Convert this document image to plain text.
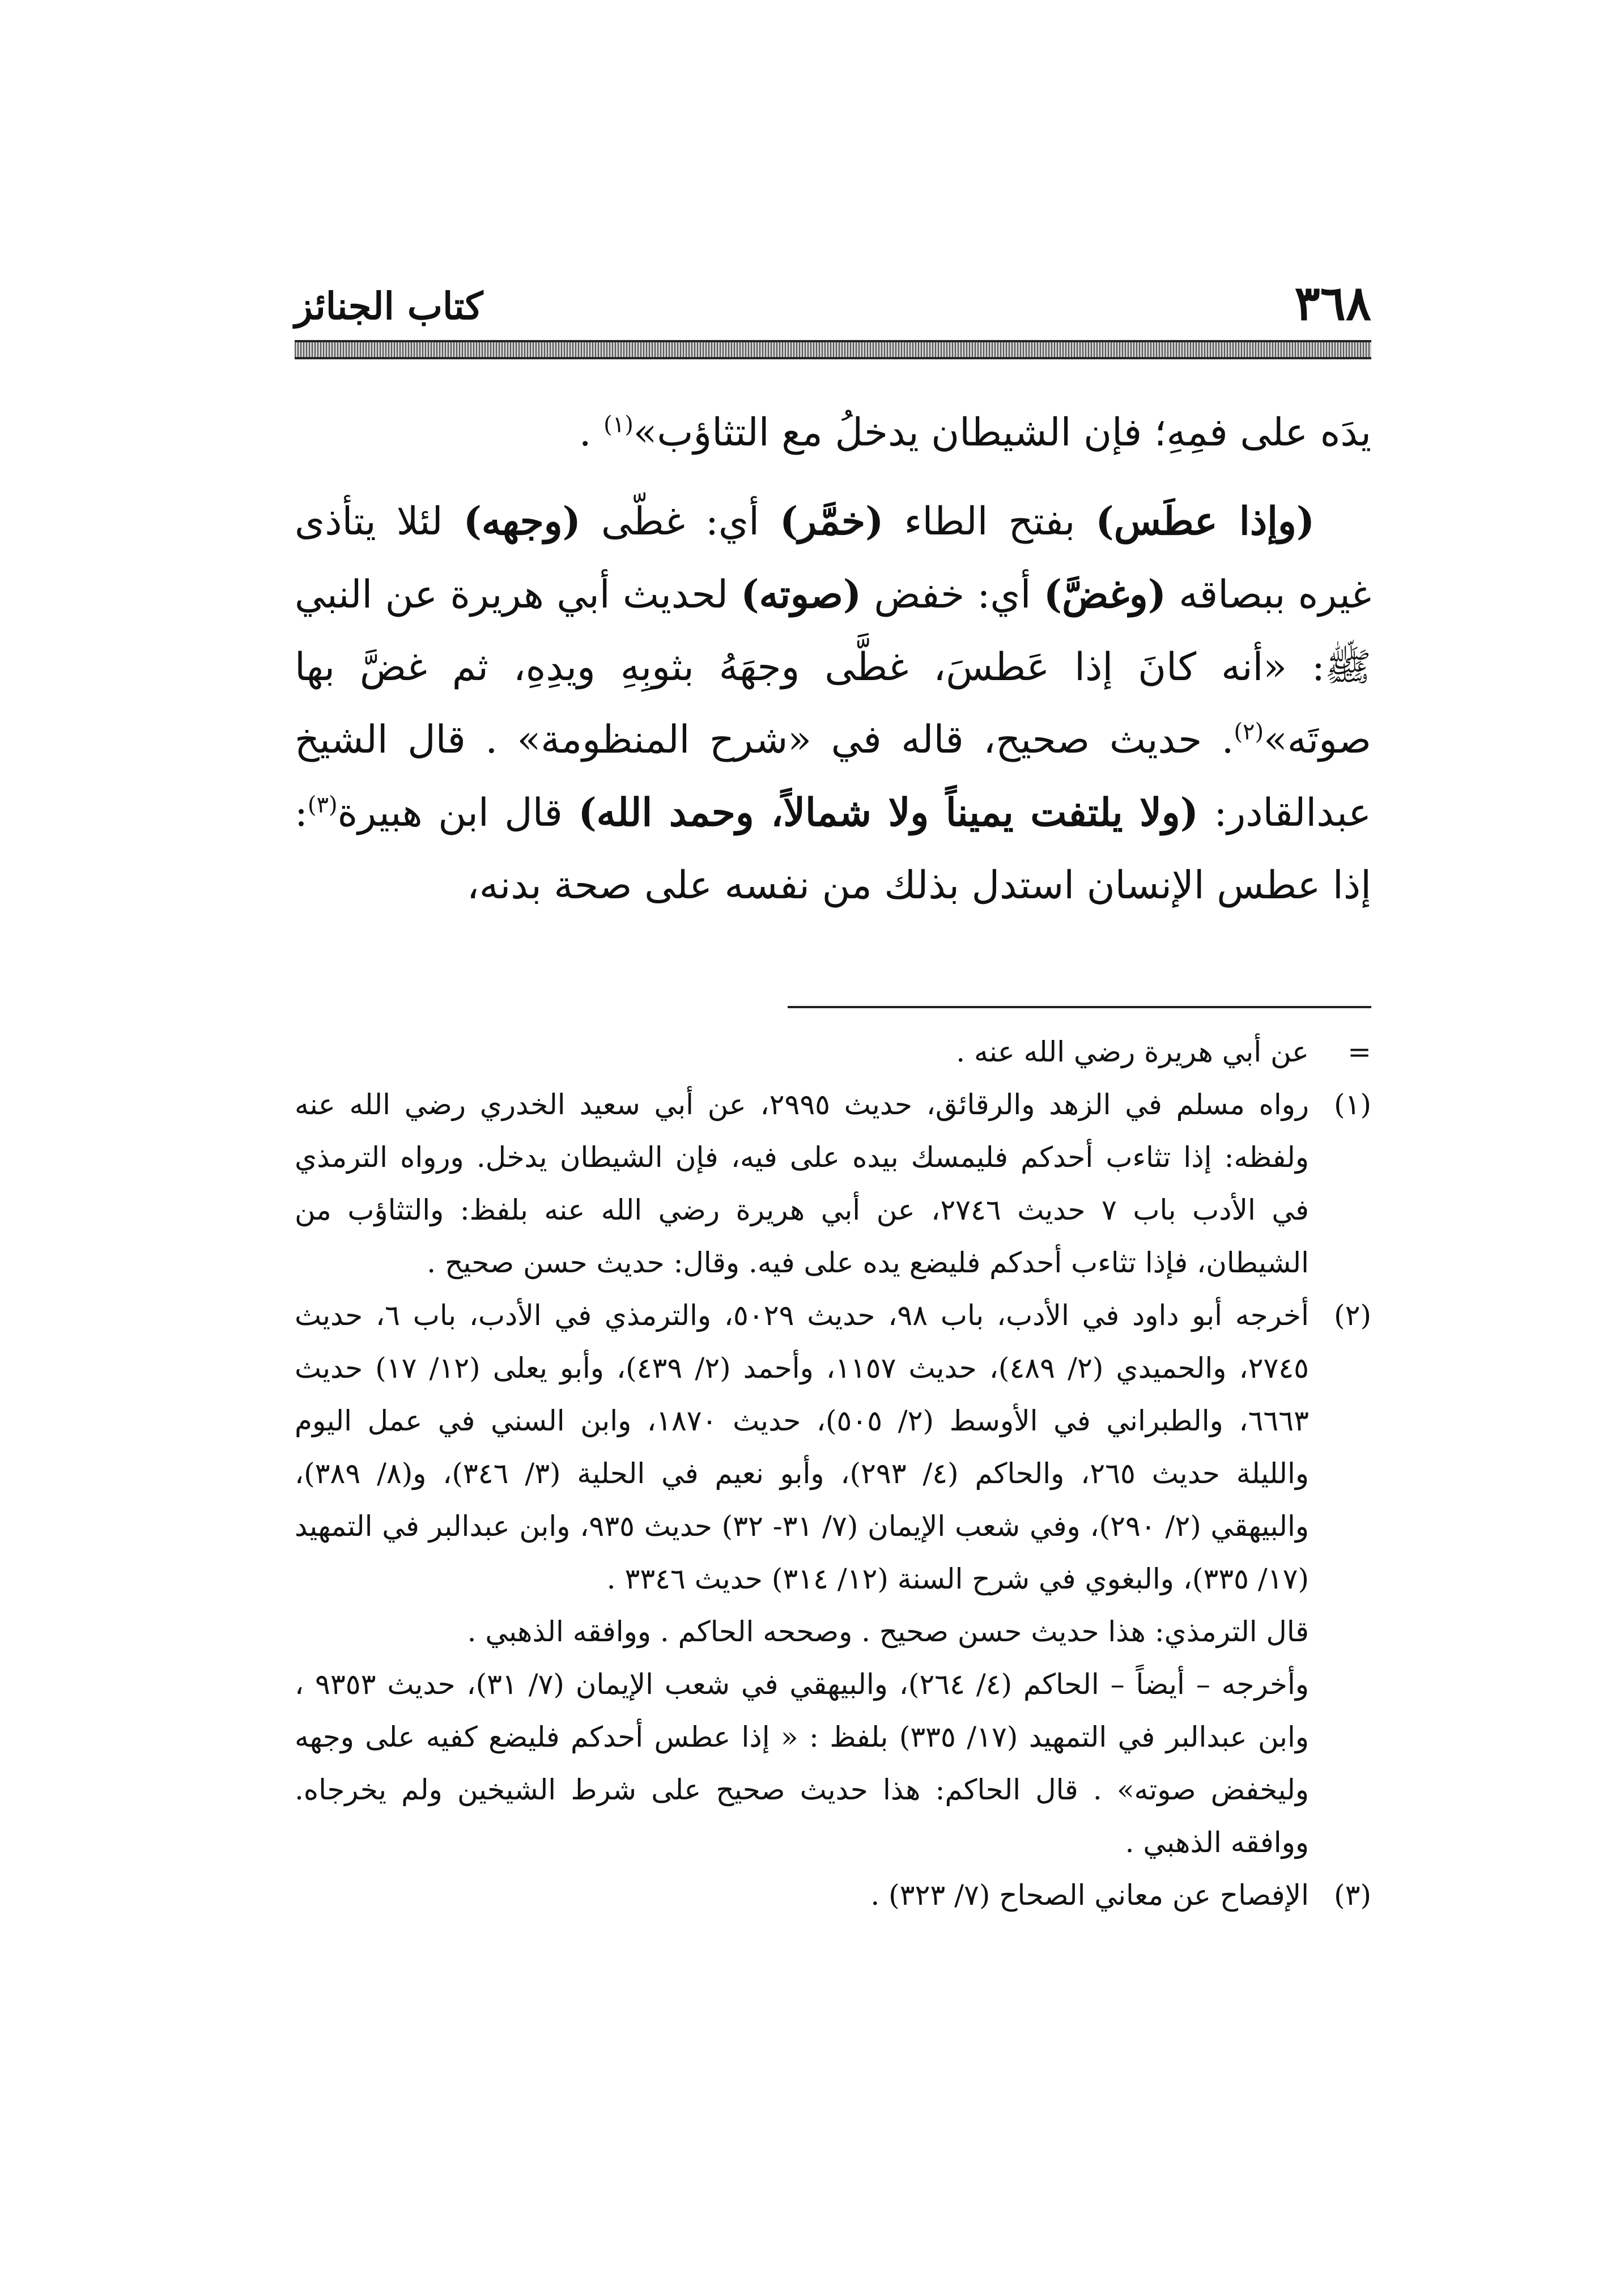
كتاب الجنائز	٣٦٨

يدَه على فمِهِ؛ فإن الشيطان يدخلُ مع التثاؤب»$^{(١)}$ .

(وإذا عطَس) بفتح الطاء (خمَّر) أي: غطّى (وجهه) لئلا يتأذى غيره ببصاقه (وغضَّ) أي: خفض (صوته) لحديث أبي هريرة عن النبي ﷺ: «أنه كانَ إذا عَطسَ، غطَّى وجهَهُ بثوبِهِ ويدِهِ، ثم غضَّ بها صوتَه»$^{(٢)}$. حديث صحيح، قاله في «شرح المنظومة» . قال الشيخ عبدالقادر: (ولا يلتفت يميناً ولا شمالاً، وحمد الله) قال ابن هبيرة$^{(٣)}$: إذا عطس الإنسان استدل بذلك من نفسه على صحة بدنه،

=
عن أبي هريرة رضي الله عنه .
(١)
رواه مسلم في الزهد والرقائق، حديث ٢٩٩٥، عن أبي سعيد الخدري رضي الله عنه ولفظه: إذا تثاءب أحدكم فليمسك بيده على فيه، فإن الشيطان يدخل. ورواه الترمذي في الأدب باب ٧ حديث ٢٧٤٦، عن أبي هريرة رضي الله عنه بلفظ: والتثاؤب من الشيطان، فإذا تثاءب أحدكم فليضع يده على فيه. وقال: حديث حسن صحيح .
(٢)

أخرجه أبو داود في الأدب، باب ٩٨، حديث ٥٠٢٩، والترمذي في الأدب، باب ٦، حديث ٢٧٤٥، والحميدي (٢/ ٤٨٩)، حديث ١١٥٧، وأحمد (٢/ ٤٣٩)، وأبو يعلى (١٢/ ١٧) حديث ٦٦٦٣، والطبراني في الأوسط (٢/ ٥٠٥)، حديث ١٨٧٠، وابن السني في عمل اليوم والليلة حديث ٢٦٥، والحاكم (٤/ ٢٩٣)، وأبو نعيم في الحلية (٣/ ٣٤٦)، و(٨/ ٣٨٩)، والبيهقي (٢/ ٢٩٠)، وفي شعب الإيمان (٧/ ٣١- ٣٢) حديث ٩٣٥، وابن عبدالبر في التمهيد (١٧/ ٣٣٥)، والبغوي في شرح السنة (١٢/ ٣١٤) حديث ٣٣٤٦ .

قال الترمذي: هذا حديث حسن صحيح . وصححه الحاكم . ووافقه الذهبي .

وأخرجه – أيضاً – الحاكم (٤/ ٢٦٤)، والبيهقي في شعب الإيمان (٧/ ٣١)، حديث ٩٣٥٣ ، وابن عبدالبر في التمهيد (١٧/ ٣٣٥) بلفظ : « إذا عطس أحدكم فليضع كفيه على وجهه وليخفض صوته» . قال الحاكم: هذا حديث صحيح على شرط الشيخين ولم يخرجاه. ووافقه الذهبي .

(٣)
الإفصاح عن معاني الصحاح (٧/ ٣٢٣) .
